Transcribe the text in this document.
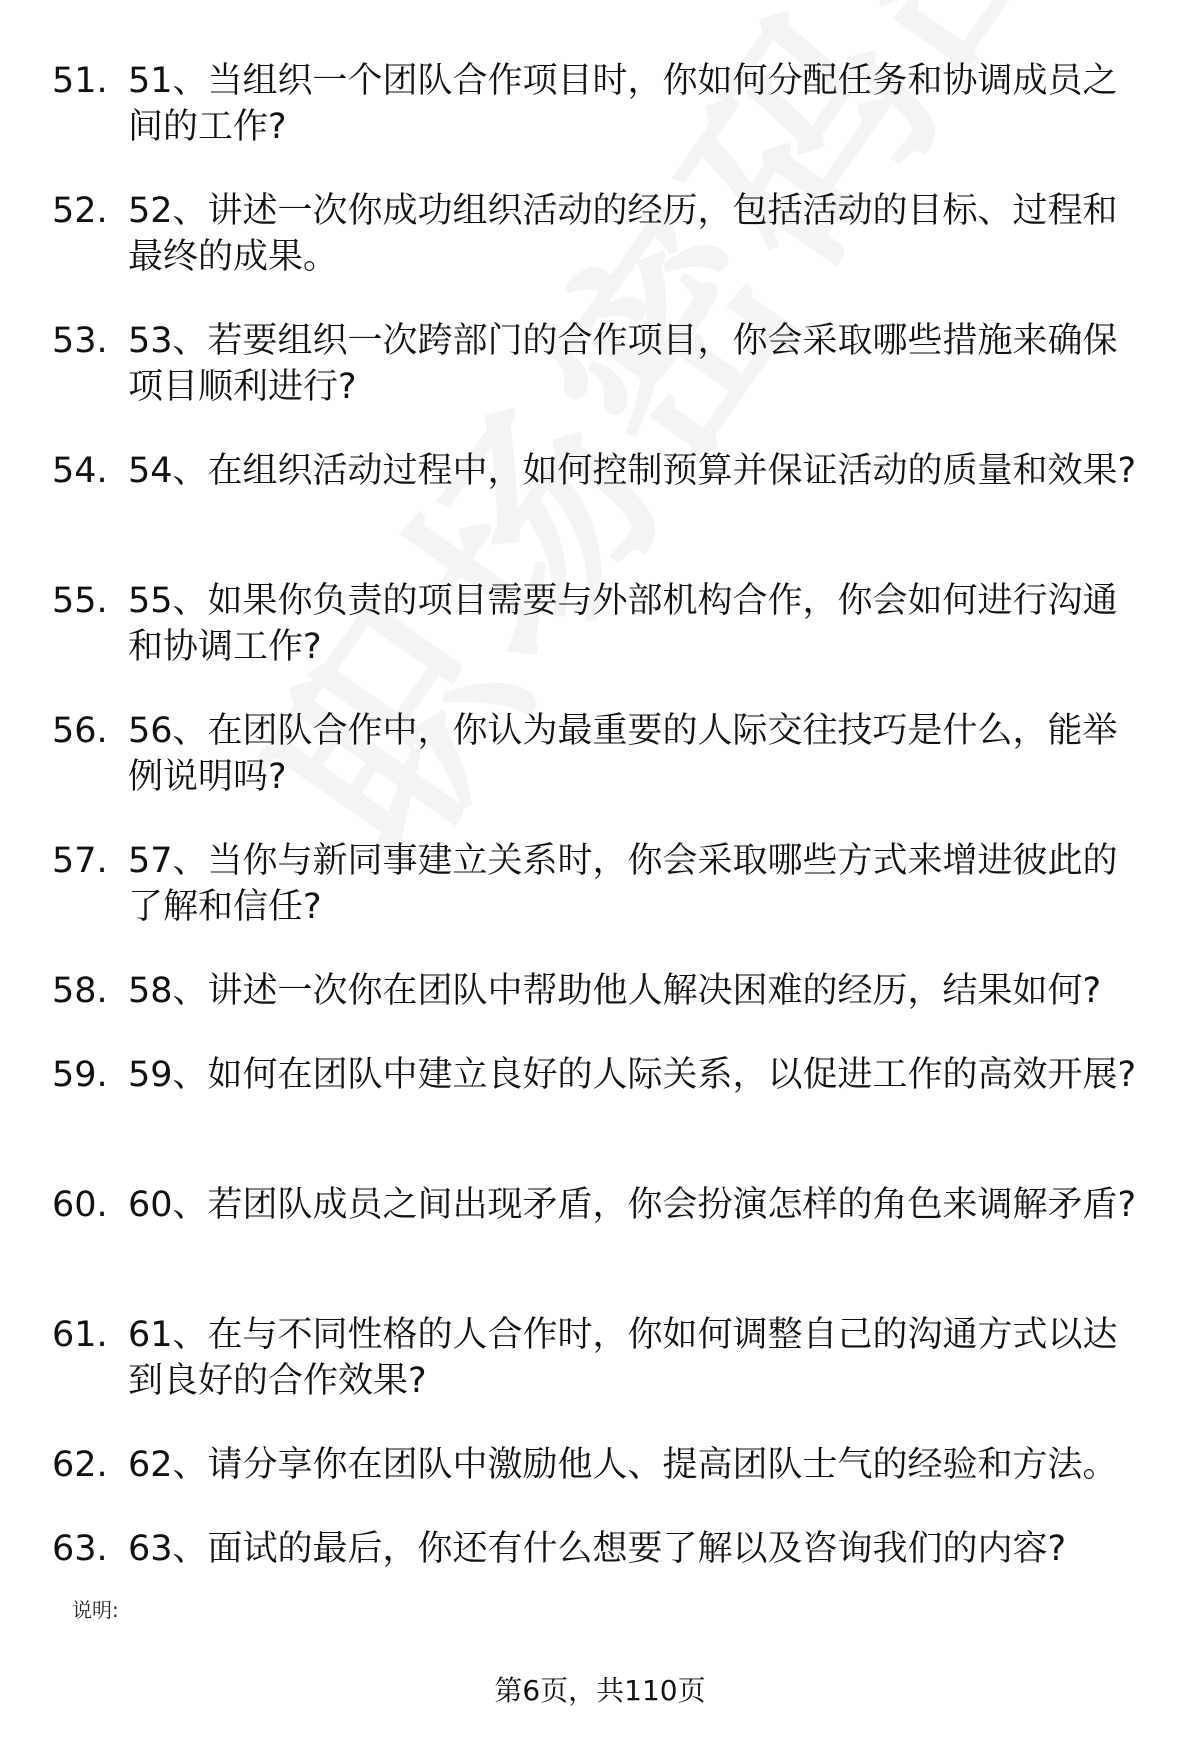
51. 51、当组织一个团队合作项目时，你如何分配任务和协调成员之间的工作?
52. 52、讲述一次你成功组织活动的经历，包括活动的目标、过程和最终的成果。
53. 53、若要组织一次跨部门的合作项目，你会采取哪些措施来确保项目顺利进行?
54. 54、在组织活动过程中，如何控制预算并保证活动的质量和效果?
55. 55、如果你负责的项目需要与外部机构合作，你会如何进行沟通和协调工作?
56. 56、在团队合作中，你认为最重要的人际交往技巧是什么，能举例说明吗?
57. 57、当你与新同事建立关系时，你会采取哪些方式来增进彼此的了解和信任?
58. 58、讲述一次你在团队中帮助他人解决困难的经历，结果如何?
59. 59、如何在团队中建立良好的人际关系，以促进工作的高效开展?
60. 60、若团队成员之间出现矛盾，你会扮演怎样的角色来调解矛盾?
61. 61、在与不同性格的人合作时，你如何调整自己的沟通方式以达到良好的合作效果?
62. 62、请分享你在团队中激励他人、提高团队士气的经验和方法。
63. 63、面试的最后，你还有什么想要了解以及咨询我们的内容?
说明:
第6页，共110页
